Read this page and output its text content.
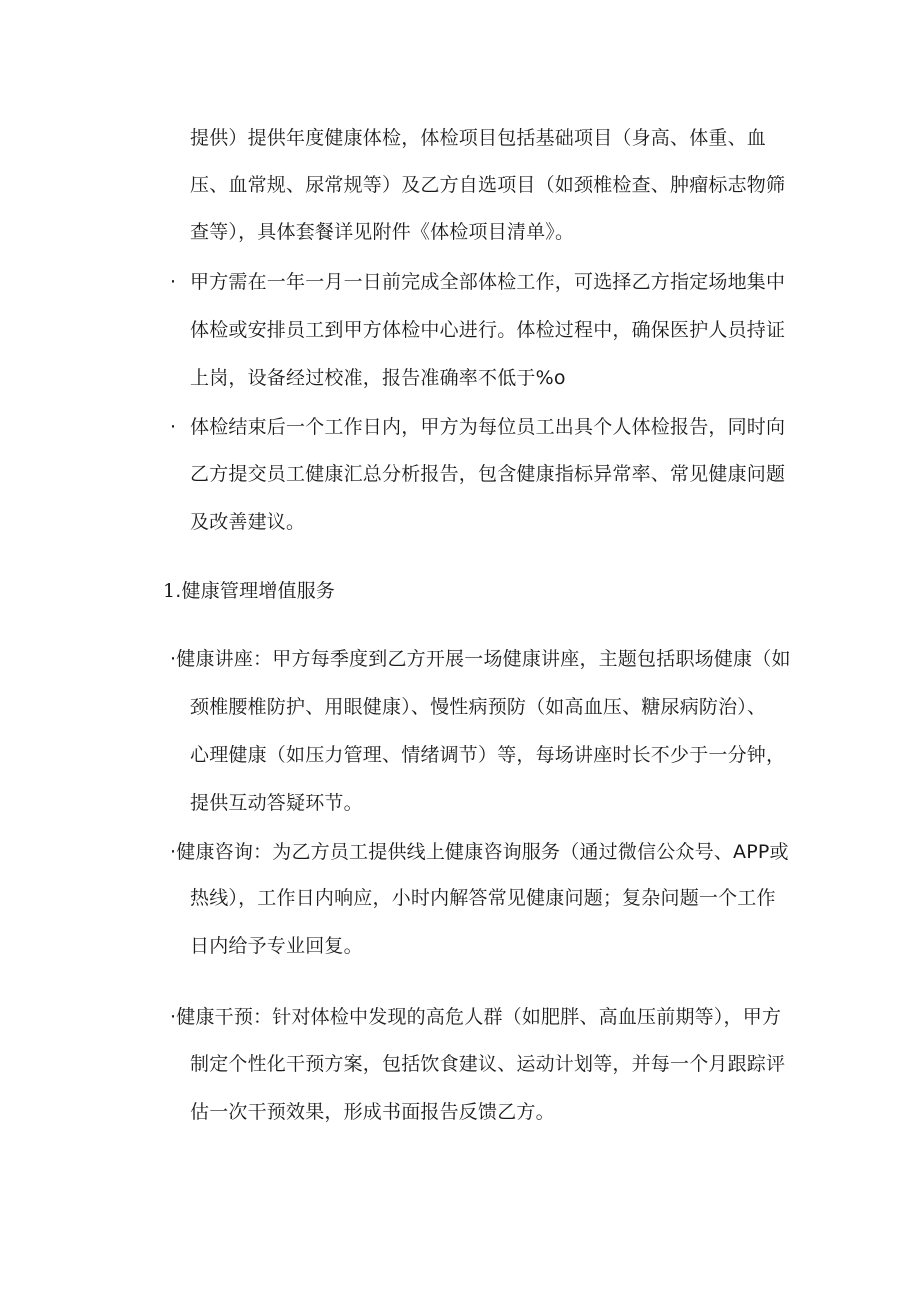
提供）提供年度健康体检，体检项目包括基础项目（身高、体重、血
压、血常规、尿常规等）及乙方自选项目（如颈椎检查、肿瘤标志物筛
查等），具体套餐详见附件《体检项目清单》。
· 甲方需在一年一月一日前完成全部体检工作，可选择乙方指定场地集中
体检或安排员工到甲方体检中心进行。体检过程中，确保医护人员持证
上岗，设备经过校准，报告准确率不低于%o
· 体检结束后一个工作日内，甲方为每位员工出具个人体检报告，同时向
乙方提交员工健康汇总分析报告，包含健康指标异常率、常见健康问题
及改善建议。
1.健康管理增值服务
·健康讲座：甲方每季度到乙方开展一场健康讲座，主题包括职场健康（如
颈椎腰椎防护、用眼健康）、慢性病预防（如高血压、糖尿病防治）、
心理健康（如压力管理、情绪调节）等，每场讲座时长不少于一分钟，
提供互动答疑环节。
·健康咨询：为乙方员工提供线上健康咨询服务（通过微信公众号、APP或
热线），工作日内响应，小时内解答常见健康问题；复杂问题一个工作
日内给予专业回复。
·健康干预：针对体检中发现的高危人群（如肥胖、高血压前期等），甲方
制定个性化干预方案，包括饮食建议、运动计划等，并每一个月跟踪评
估一次干预效果，形成书面报告反馈乙方。
